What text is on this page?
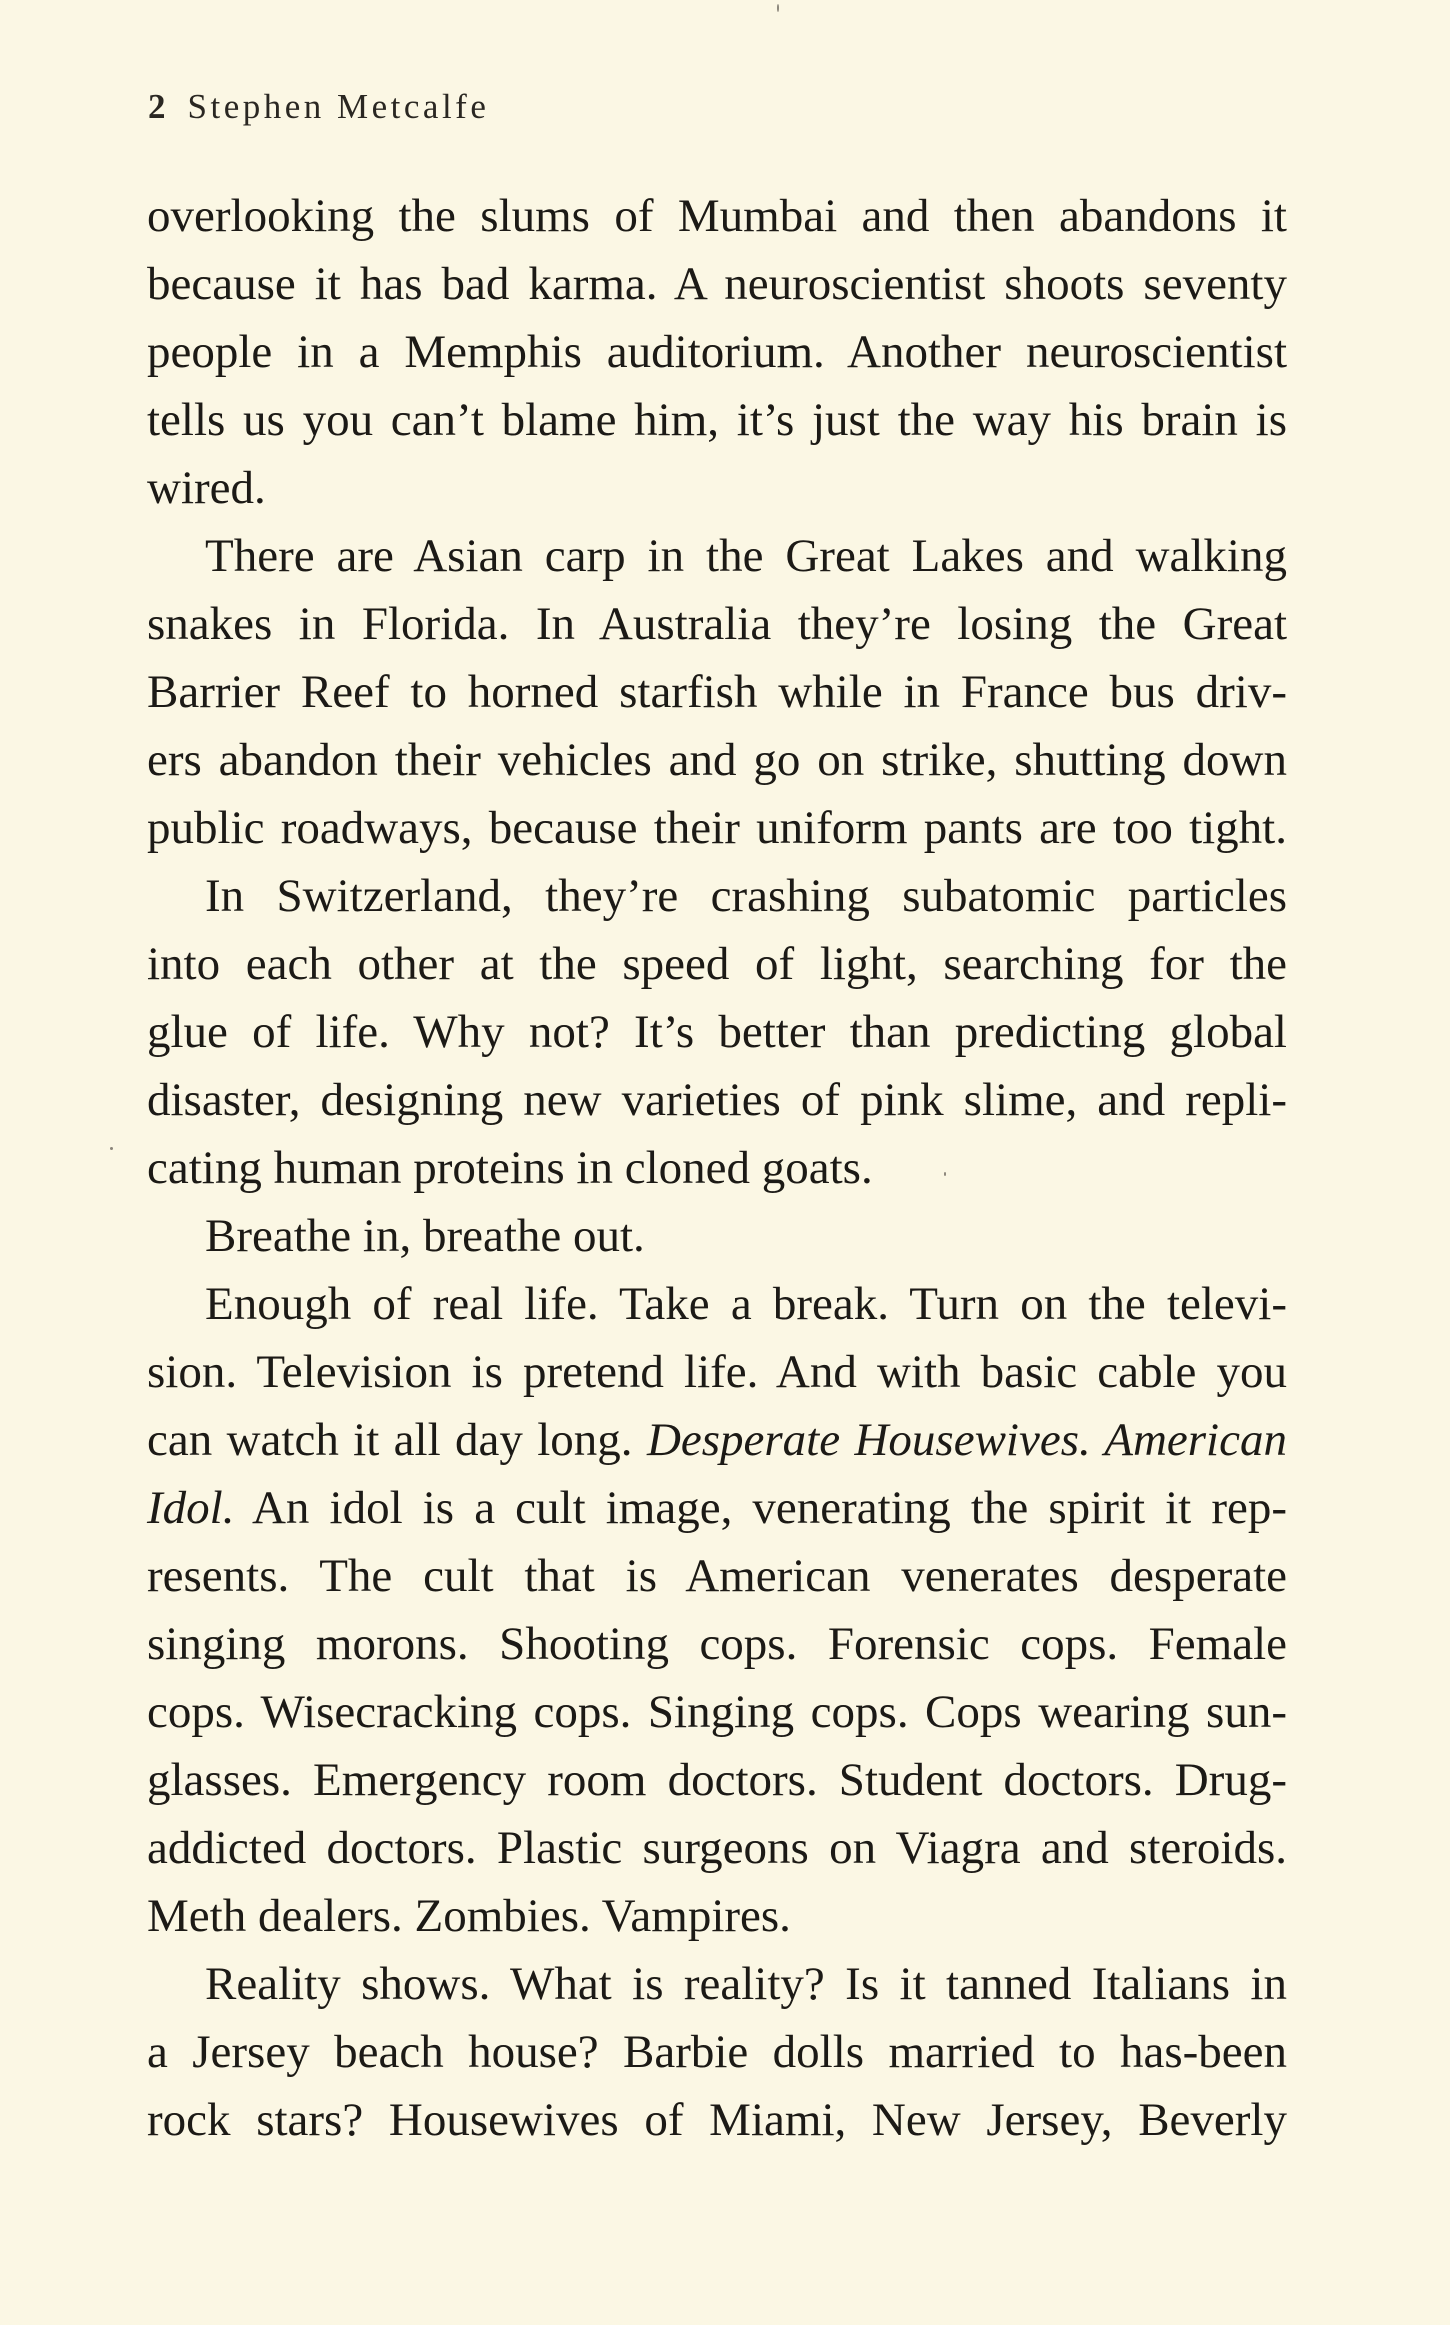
2 Stephen Metcalfe
overlooking the slums of Mumbai and then abandons it
because it has bad karma. A neuroscientist shoots seventy
people in a Memphis auditorium. Another neuroscientist
tells us you can’t blame him, it’s just the way his brain is
wired.
There are Asian carp in the Great Lakes and walking
snakes in Florida. In Australia they’re losing the Great
Barrier Reef to horned starfish while in France bus driv-
ers abandon their vehicles and go on strike, shutting down
public roadways, because their uniform pants are too tight.
In Switzerland, they’re crashing subatomic particles
into each other at the speed of light, searching for the
glue of life. Why not? It’s better than predicting global
disaster, designing new varieties of pink slime, and repli-
cating human proteins in cloned goats.
Breathe in, breathe out.
Enough of real life. Take a break. Turn on the televi-
sion. Television is pretend life. And with basic cable you
can watch it all day long. Desperate Housewives. American
Idol. An idol is a cult image, venerating the spirit it rep-
resents. The cult that is American venerates desperate
singing morons. Shooting cops. Forensic cops. Female
cops. Wisecracking cops. Singing cops. Cops wearing sun-
glasses. Emergency room doctors. Student doctors. Drug-
addicted doctors. Plastic surgeons on Viagra and steroids.
Meth dealers. Zombies. Vampires.
Reality shows. What is reality? Is it tanned Italians in
a Jersey beach house? Barbie dolls married to has-been
rock stars? Housewives of Miami, New Jersey, Beverly
